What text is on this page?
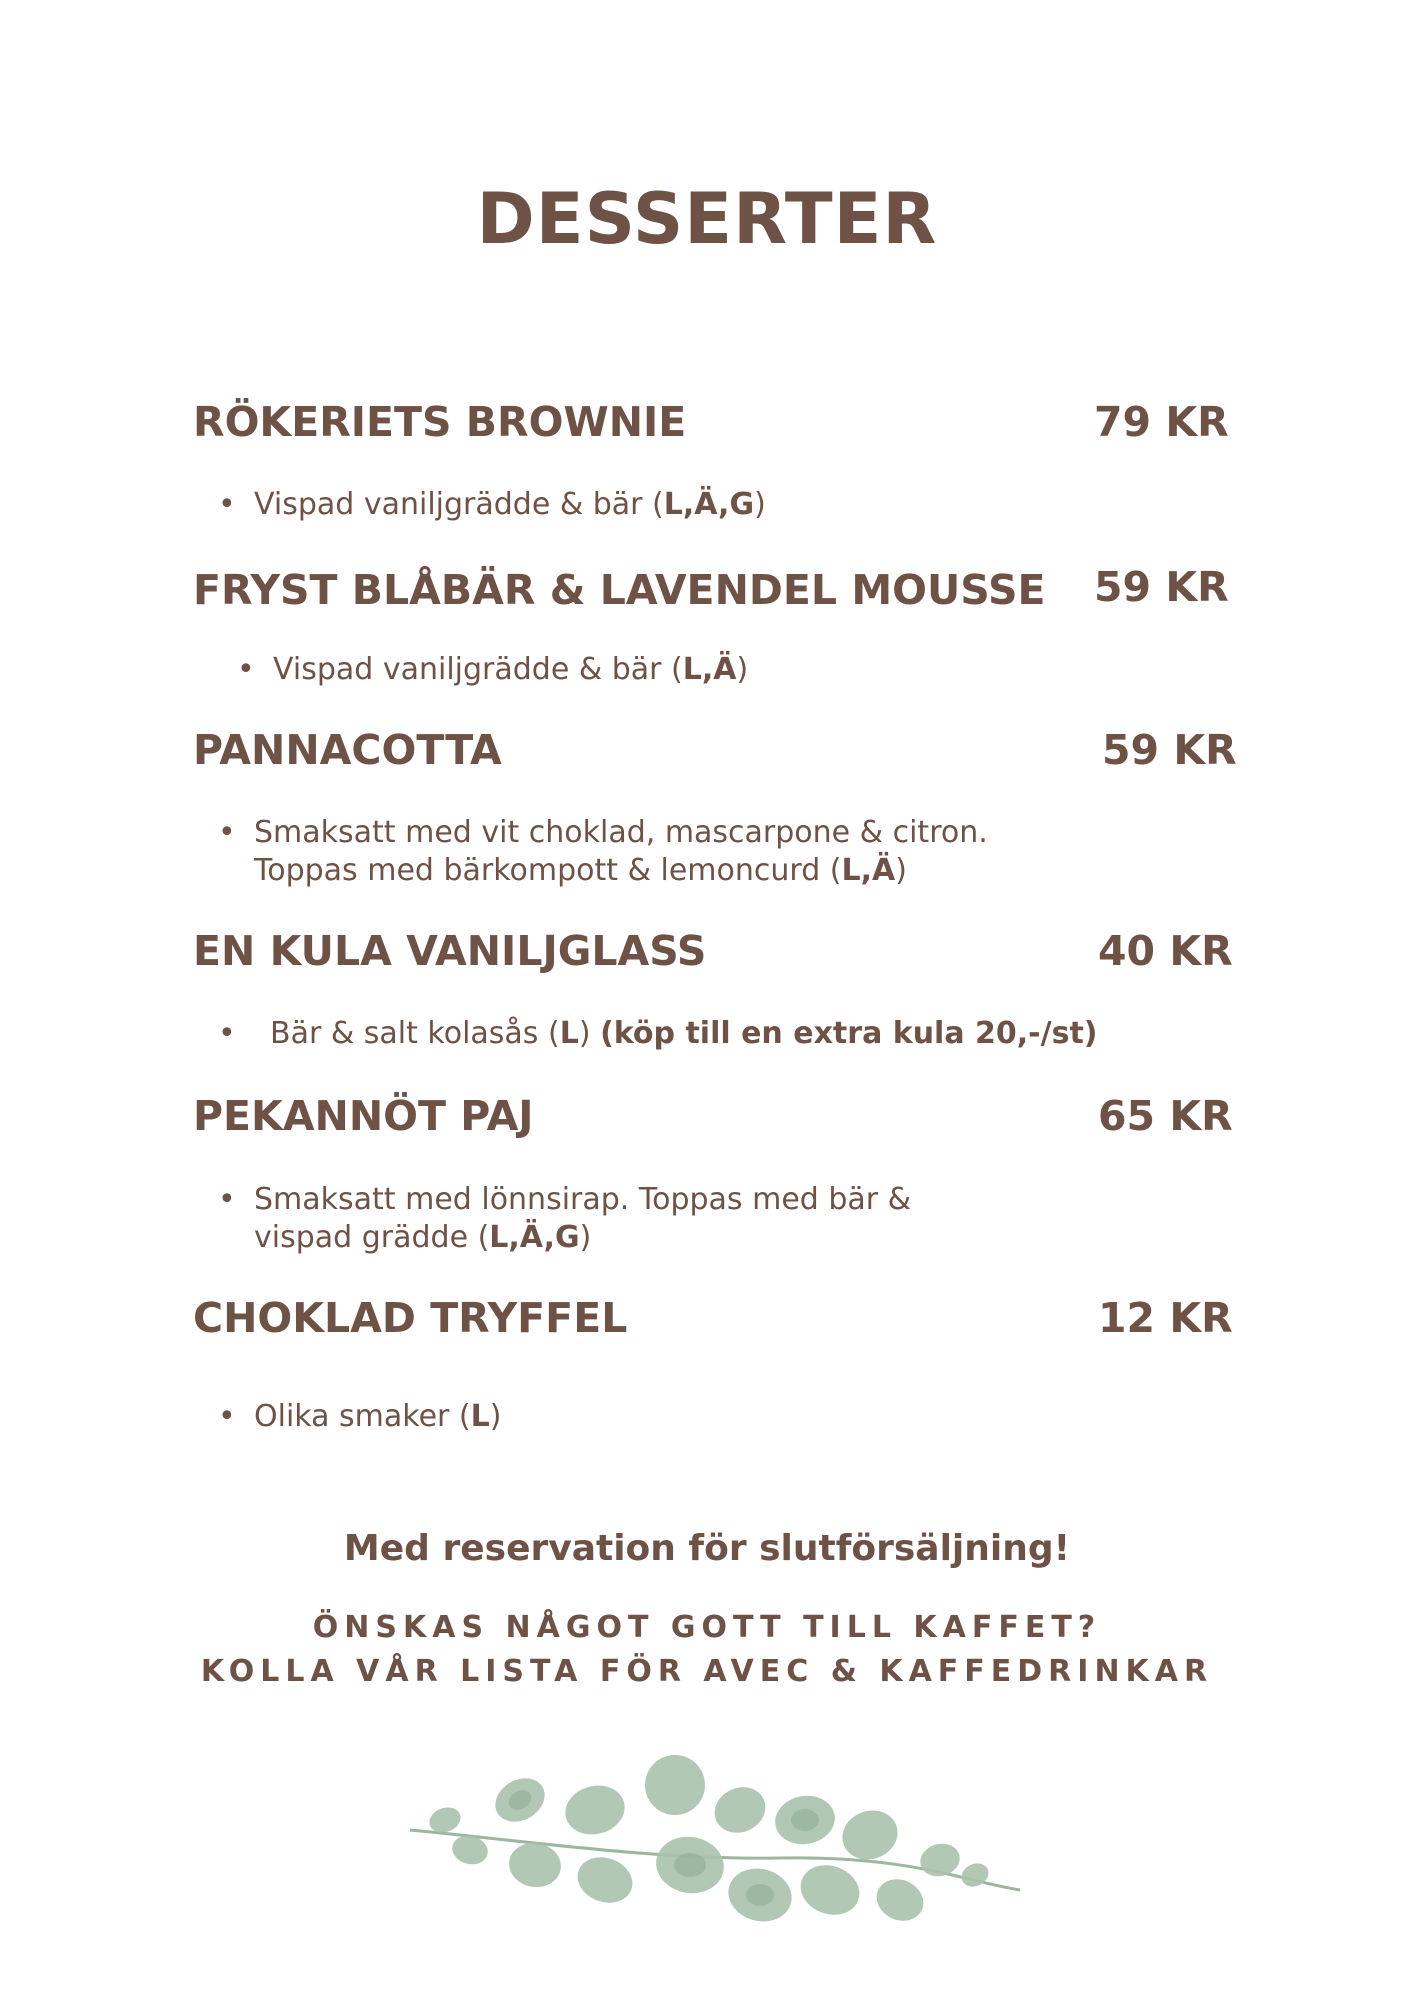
DESSERTER
RÖKERIETS BROWNIE	79 KR
• Vispad vaniljgrädde & bär (L,Ä,G)
FRYST BLÅBÄR & LAVENDEL MOUSSE 59 KR
• Vispad vaniljgrädde & bär (L,Ä)
PANNACOTTA	59 KR
• Smaksatt med vit choklad, mascarpone & citron.
Toppas med bärkompott & lemoncurd (L,Ä)
EN KULA VANILJGLASS	40 KR
•	Bär & salt kolasås (L) (köp till en extra kula 20,-/st)
PEKANNÖT PAJ	65 KR
• Smaksatt med lönnsirap. Toppas med bär &
vispad grädde (L,Ä,G)
CHOKLAD TRYFFEL	12 KR
• Olika smaker (L)
Med reservation för slutförsäljning!
ÖNSKAS NÅGOT GOTT TILL KAFFET?
KOLLA VÅR LISTA FÖR AVEC & KAFFEDRINKAR
